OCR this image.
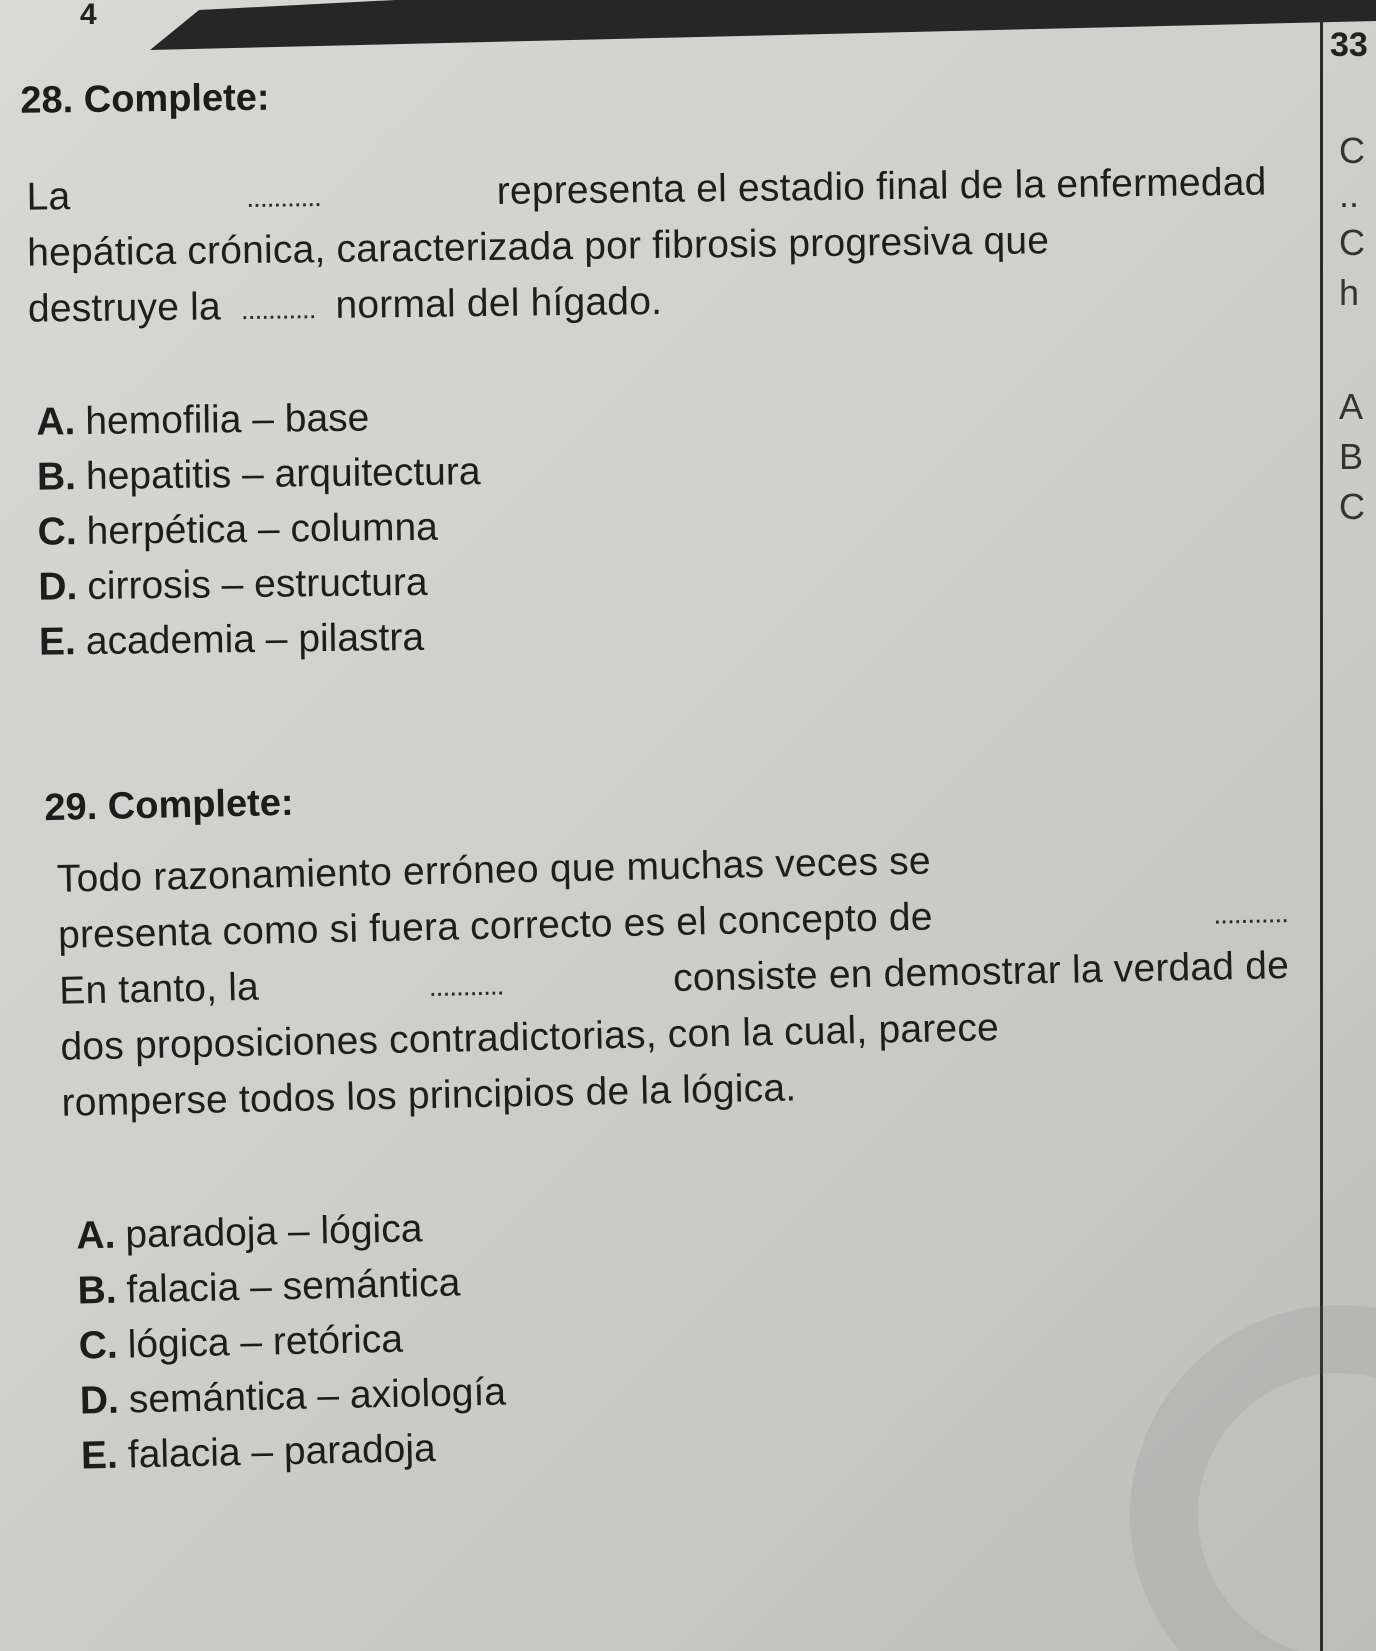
4
33
C
..
C
h
A
B
C
28. Complete:
La	...........	representa el estadio final de la enfermedad
hepática crónica, caracterizada por fibrosis progresiva que
destruye la ........... normal del hígado.
A. hemofilia – base
B. hepatitis – arquitectura
C. herpética – columna
D. cirrosis – estructura
E. academia – pilastra
29. Complete:
Todo razonamiento erróneo que muchas veces se
presenta como si fuera correcto es el concepto de	...........
En tanto, la	...........	consiste en demostrar la verdad de
dos proposiciones contradictorias, con la cual, parece
romperse todos los principios de la lógica.
A. paradoja – lógica
B. falacia – semántica
C. lógica – retórica
D. semántica – axiología
E. falacia – paradoja
